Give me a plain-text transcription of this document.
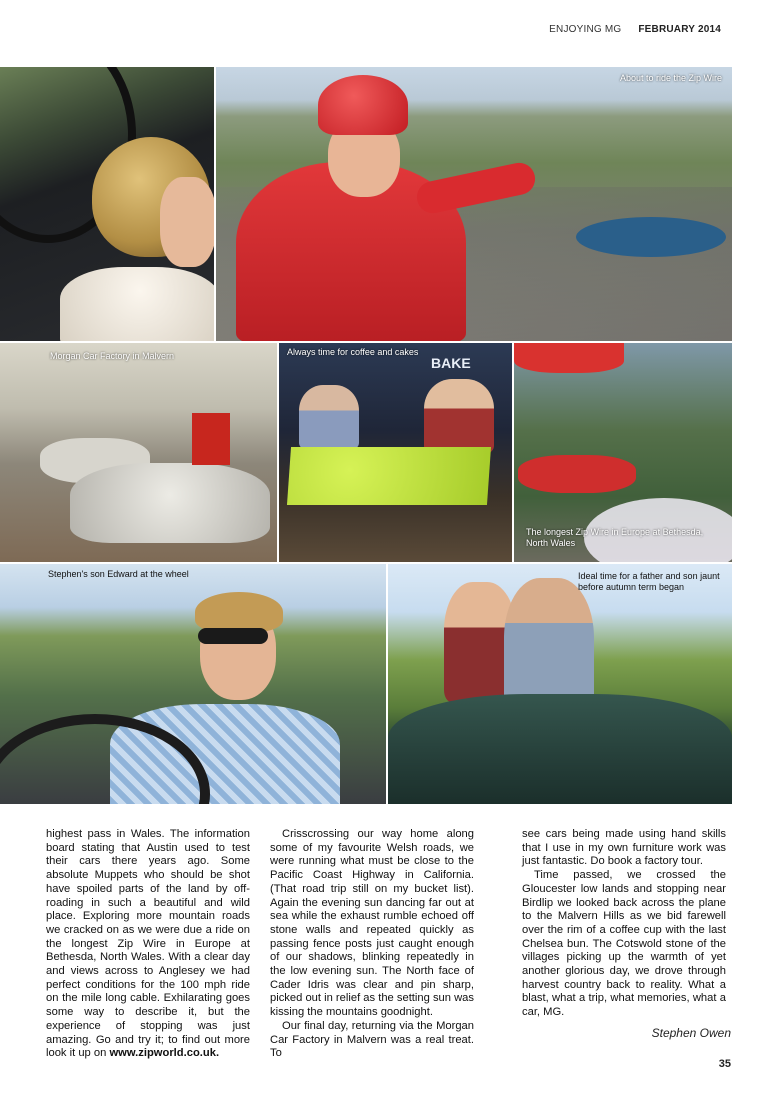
ENJOYING MG FEBRUARY 2014
About to ride the Zip Wire
Morgan Car Factory in Malvern	BAKE
Always time for coffee and cakes
The longest Zip Wire in Europe at Bethesda, North Wales
Stephen's son Edward at the wheel	Ideal time for a father and son jaunt before autumn term began

highest pass in Wales. The information board stating that Austin used to test their cars there years ago. Some absolute Muppets who should be shot have spoiled parts of the land by off-roading in such a beautiful and wild place. Exploring more mountain roads we cracked on as we were due a ride on the longest Zip Wire in Europe at Bethesda, North Wales. With a clear day and views across to Anglesey we had perfect conditions for the 100 mph ride on the mile long cable. Exhilarating goes some way to describe it, but the experience of stopping was just amazing. Go and try it; to find out more look it up on www.zipworld.co.uk.

Crisscrossing our way home along some of my favourite Welsh roads, we were running what must be close to the Pacific Coast Highway in California. (That road trip still on my bucket list). Again the evening sun dancing far out at sea while the exhaust rumble echoed off stone walls and repeated quickly as passing fence posts just caught enough of our shadows, blinking repeatedly in the low evening sun. The North face of Cader Idris was clear and pin sharp, picked out in relief as the setting sun was kissing the mountains goodnight.

Our final day, returning via the Morgan Car Factory in Malvern was a real treat. To

see cars being made using hand skills that I use in my own furniture work was just fantastic. Do book a factory tour.

Time passed, we crossed the Gloucester low lands and stopping near Birdlip we looked back across the plane to the Malvern Hills as we bid farewell over the rim of a coffee cup with the last Chelsea bun. The Cotswold stone of the villages picking up the warmth of yet another glorious day, we drove through harvest country back to reality. What a blast, what a trip, what memories, what a car, MG.

Stephen Owen
35
